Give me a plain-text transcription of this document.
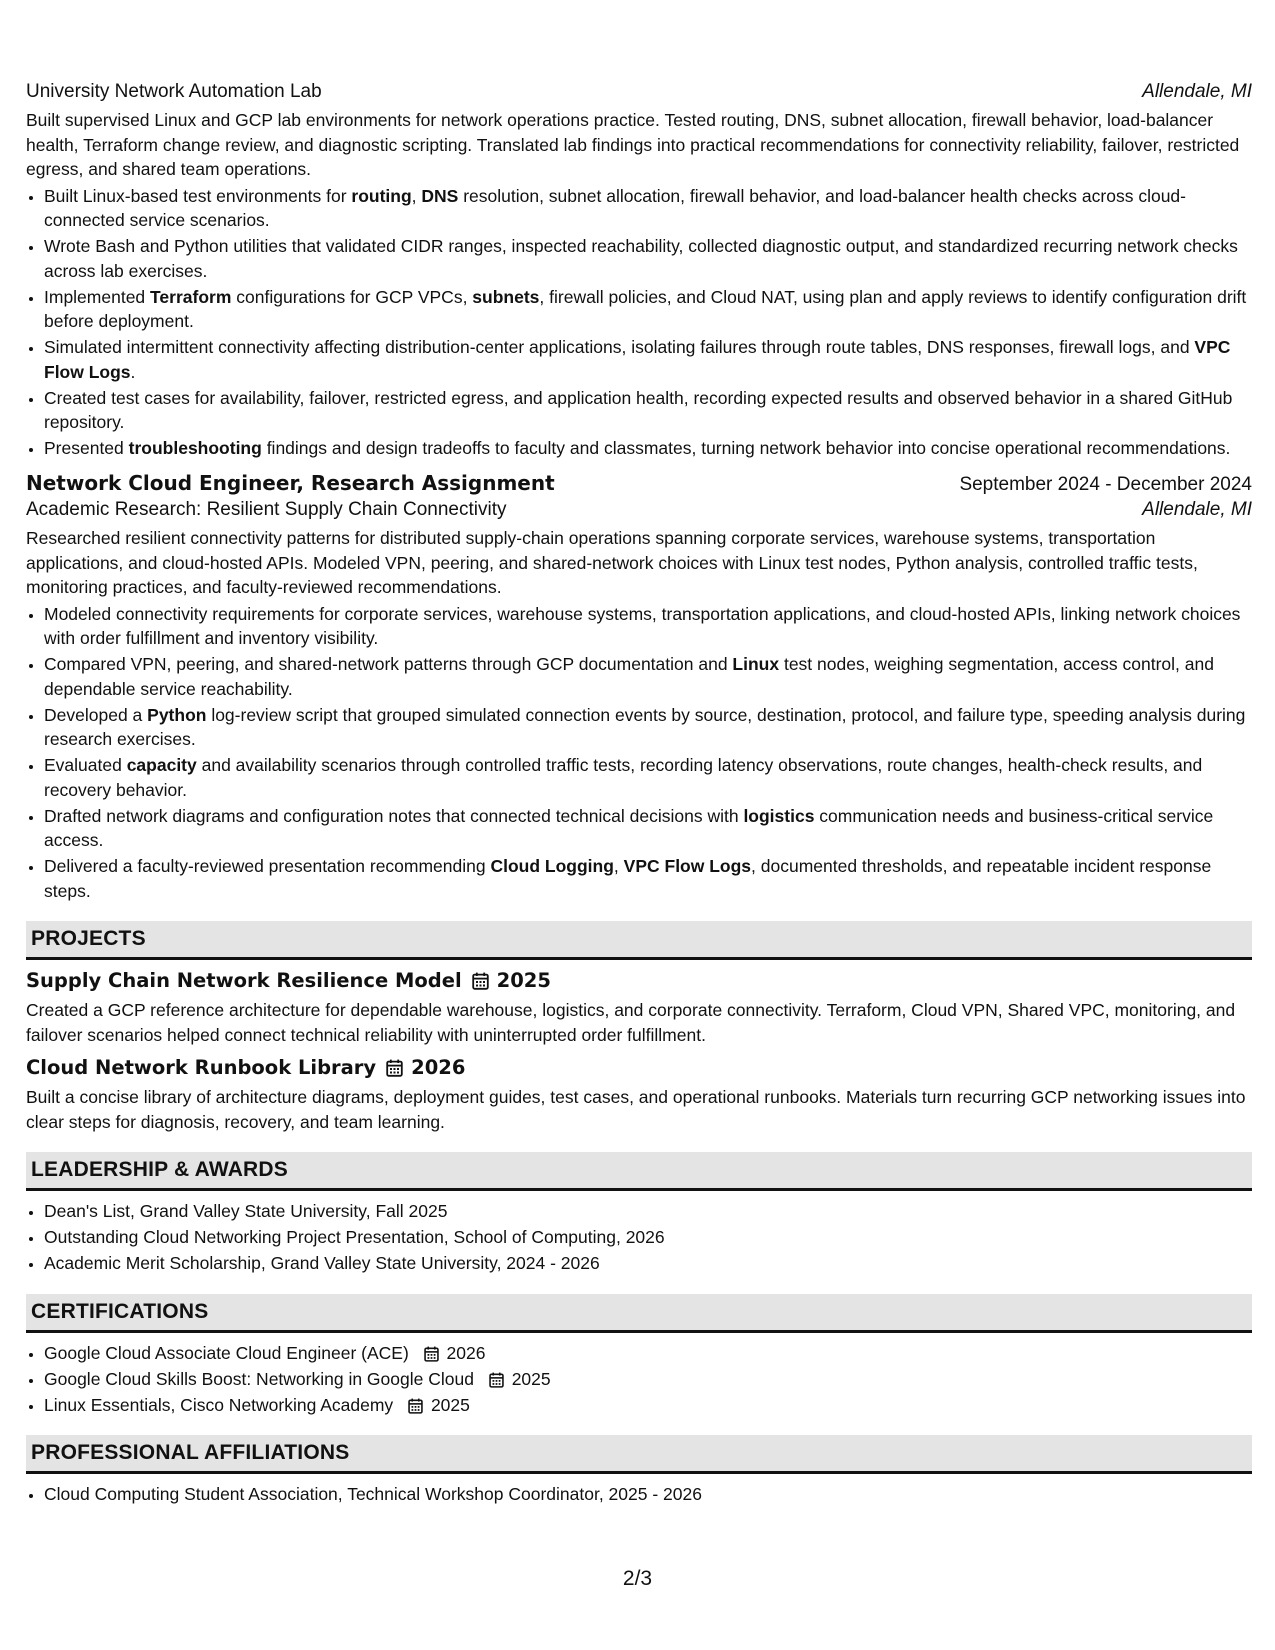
University Network Automation Lab	Allendale, MI

Built supervised Linux and GCP lab environments for network operations practice. Tested routing, DNS, subnet allocation, firewall behavior, load-balancer health, Terraform change review, and diagnostic scripting. Translated lab findings into practical recommendations for connectivity reliability, failover, restricted egress, and shared team operations.

• Built Linux-based test environments for routing, DNS resolution, subnet allocation, firewall behavior, and load-balancer health checks across cloud-connected service scenarios.
• Wrote Bash and Python utilities that validated CIDR ranges, inspected reachability, collected diagnostic output, and standardized recurring network checks across lab exercises.
• Implemented Terraform configurations for GCP VPCs, subnets, firewall policies, and Cloud NAT, using plan and apply reviews to identify configuration drift before deployment.
• Simulated intermittent connectivity affecting distribution-center applications, isolating failures through route tables, DNS responses, firewall logs, and VPC Flow Logs.
• Created test cases for availability, failover, restricted egress, and application health, recording expected results and observed behavior in a shared GitHub repository.
• Presented troubleshooting findings and design tradeoffs to faculty and classmates, turning network behavior into concise operational recommendations.
Network Cloud Engineer, Research Assignment	September 2024 - December 2024
Academic Research: Resilient Supply Chain Connectivity	Allendale, MI

Researched resilient connectivity patterns for distributed supply-chain operations spanning corporate services, warehouse systems, transportation applications, and cloud-hosted APIs. Modeled VPN, peering, and shared-network choices with Linux test nodes, Python analysis, controlled traffic tests, monitoring practices, and faculty-reviewed recommendations.

• Modeled connectivity requirements for corporate services, warehouse systems, transportation applications, and cloud-hosted APIs, linking network choices with order fulfillment and inventory visibility.
• Compared VPN, peering, and shared-network patterns through GCP documentation and Linux test nodes, weighing segmentation, access control, and dependable service reachability.
• Developed a Python log-review script that grouped simulated connection events by source, destination, protocol, and failure type, speeding analysis during research exercises.
• Evaluated capacity and availability scenarios through controlled traffic tests, recording latency observations, route changes, health-check results, and recovery behavior.
• Drafted network diagrams and configuration notes that connected technical decisions with logistics communication needs and business-critical service access.
• Delivered a faculty-reviewed presentation recommending Cloud Logging, VPC Flow Logs, documented thresholds, and repeatable incident response steps.
PROJECTS
Supply Chain Network Resilience Model 2025

Created a GCP reference architecture for dependable warehouse, logistics, and corporate connectivity. Terraform, Cloud VPN, Shared VPC, monitoring, and failover scenarios helped connect technical reliability with uninterrupted order fulfillment.

Cloud Network Runbook Library 2026

Built a concise library of architecture diagrams, deployment guides, test cases, and operational runbooks. Materials turn recurring GCP networking issues into clear steps for diagnosis, recovery, and team learning.

LEADERSHIP & AWARDS
• Dean's List, Grand Valley State University, Fall 2025
• Outstanding Cloud Networking Project Presentation, School of Computing, 2026
• Academic Merit Scholarship, Grand Valley State University, 2024 - 2026
CERTIFICATIONS
• Google Cloud Associate Cloud Engineer (ACE) 2026
• Google Cloud Skills Boost: Networking in Google Cloud 2025
• Linux Essentials, Cisco Networking Academy 2025
PROFESSIONAL AFFILIATIONS
• Cloud Computing Student Association, Technical Workshop Coordinator, 2025 - 2026
2/3
